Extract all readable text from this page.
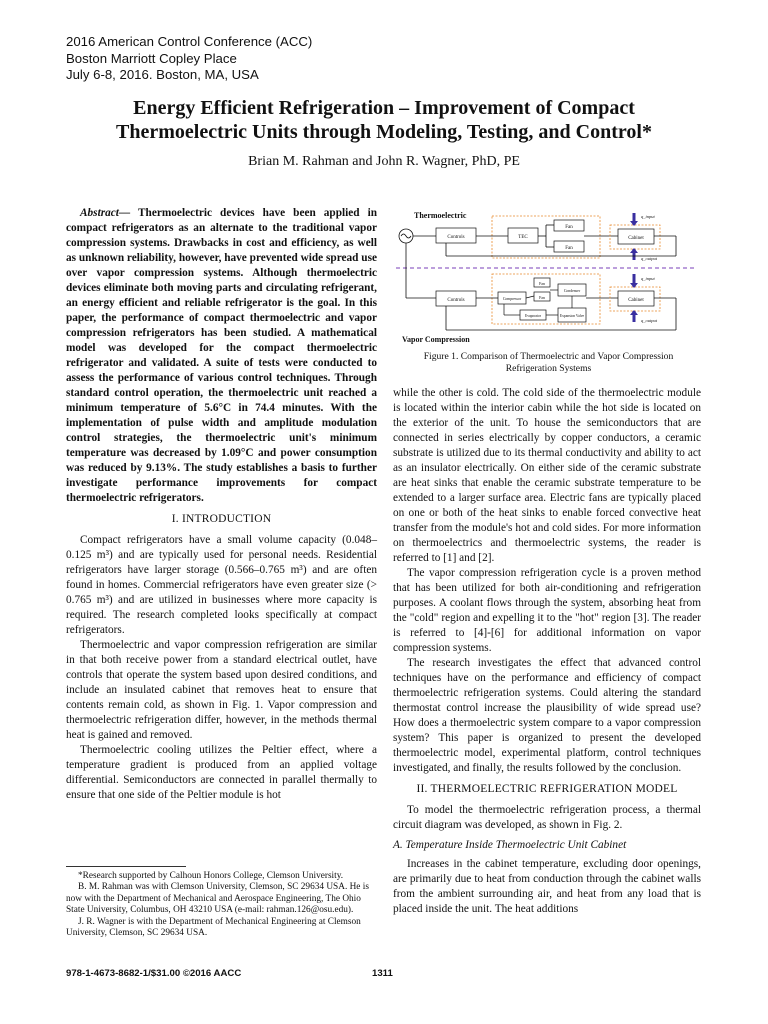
2016 American Control Conference (ACC)
Boston Marriott Copley Place
July 6-8, 2016. Boston, MA, USA
Energy Efficient Refrigeration – Improvement of Compact
Thermoelectric Units through Modeling, Testing, and Control*
Brian M. Rahman and John R. Wagner, PhD, PE

Abstract— Thermoelectric devices have been applied in compact refrigerators as an alternate to the traditional vapor compression systems. Drawbacks in cost and efficiency, as well as unknown reliability, however, have prevented wide spread use over vapor compression systems. Although thermoelectric devices eliminate both moving parts and circulating refrigerant, an energy efficient and reliable refrigerator is the goal. In this paper, the performance of compact thermoelectric and vapor compression refrigerators has been studied. A mathematical model was developed for the compact thermoelectric refrigerator and validated. A suite of tests were conducted to assess the performance of various control techniques. Through standard control operation, the thermoelectric unit reached a minimum temperature of 5.6°C in 74.4 minutes. With the implementation of pulse width and amplitude modulation control strategies, the thermoelectric unit's minimum temperature was decreased by 1.09°C and power consumption was reduced by 9.13%. The study establishes a basis to further investigate performance improvements for compact thermoelectric refrigerators.

I. INTRODUCTION

Compact refrigerators have a small volume capacity (0.048–0.125 m³) and are typically used for personal needs. Residential refrigerators have larger storage (0.566–0.765 m³) and are often found in homes. Commercial refrigerators have even greater size (> 0.765 m³) and are utilized in businesses where more capacity is required. The research completed looks specifically at compact refrigerators.

Thermoelectric and vapor compression refrigeration are similar in that both receive power from a standard electrical outlet, have controls that operate the system based upon desired conditions, and include an insulated cabinet that removes heat to ensure that contents remain cold, as shown in Fig. 1. Vapor compression and thermoelectric refrigeration differ, however, in the methods thermal heat is gained and removed.

Thermoelectric cooling utilizes the Peltier effect, where a temperature gradient is produced from an applied voltage differential. Semiconductors are connected in parallel thermally to ensure that one side of the Peltier module is hot

*Research supported by Calhoun Honors College, Clemson University.

B. M. Rahman was with Clemson University, Clemson, SC 29634 USA. He is now with the Department of Mechanical and Aerospace Engineering, The Ohio State University, Columbus, OH 43210 USA (e-mail: rahman.126@osu.edu).

J. R. Wagner is with the Department of Mechanical Engineering at Clemson University, Clemson, SC 29634 USA.

Thermoelectric
Controls	TEC
Fan
Fan
Cabinet
q_input
q_output
Controls	Compressor
Fan
Fan
Condenser
Evaporator	Expansion Valve
Cabinet
q_input
q_output
Vapor Compression
Figure 1. Comparison of Thermoelectric and Vapor Compression
Refrigeration Systems

while the other is cold. The cold side of the thermoelectric module is located within the interior cabin while the hot side is located on the exterior of the unit. To house the semiconductors that are connected in series electrically by copper conductors, a ceramic substrate is utilized due to its thermal conductivity and ability to act as an insulator electrically. On either side of the ceramic substrate are heat sinks that enable the ceramic substrate temperature to be extended to a larger surface area. Electric fans are typically placed on one or both of the heat sinks to enable forced convective heat transfer from the module's hot and cold sides. For more information on thermoelectrics and thermoelectric systems, the reader is referred to [1] and [2].

The vapor compression refrigeration cycle is a proven method that has been utilized for both air-conditioning and refrigeration purposes. A coolant flows through the system, absorbing heat from the "cold" region and expelling it to the "hot" region [3]. The reader is referred to [4]-[6] for additional information on vapor compression systems.

The research investigates the effect that advanced control techniques have on the performance and efficiency of compact thermoelectric refrigeration systems. Could altering the standard thermostat control increase the plausibility of wide spread use? How does a thermoelectric system compare to a vapor compression system? This paper is organized to present the developed thermoelectric model, experimental platform, control techniques investigated, and finally, the results followed by the conclusion.

II. THERMOELECTRIC REFRIGERATION MODEL

To model the thermoelectric refrigeration process, a thermal circuit diagram was developed, as shown in Fig. 2.

A. Temperature Inside Thermoelectric Unit Cabinet

Increases in the cabinet temperature, excluding door openings, are primarily due to heat from conduction through the cabinet walls from the ambient surrounding air, and heat from any load that is placed inside the unit. The heat additions

978-1-4673-8682-1/$31.00 ©2016 AACC	1311
